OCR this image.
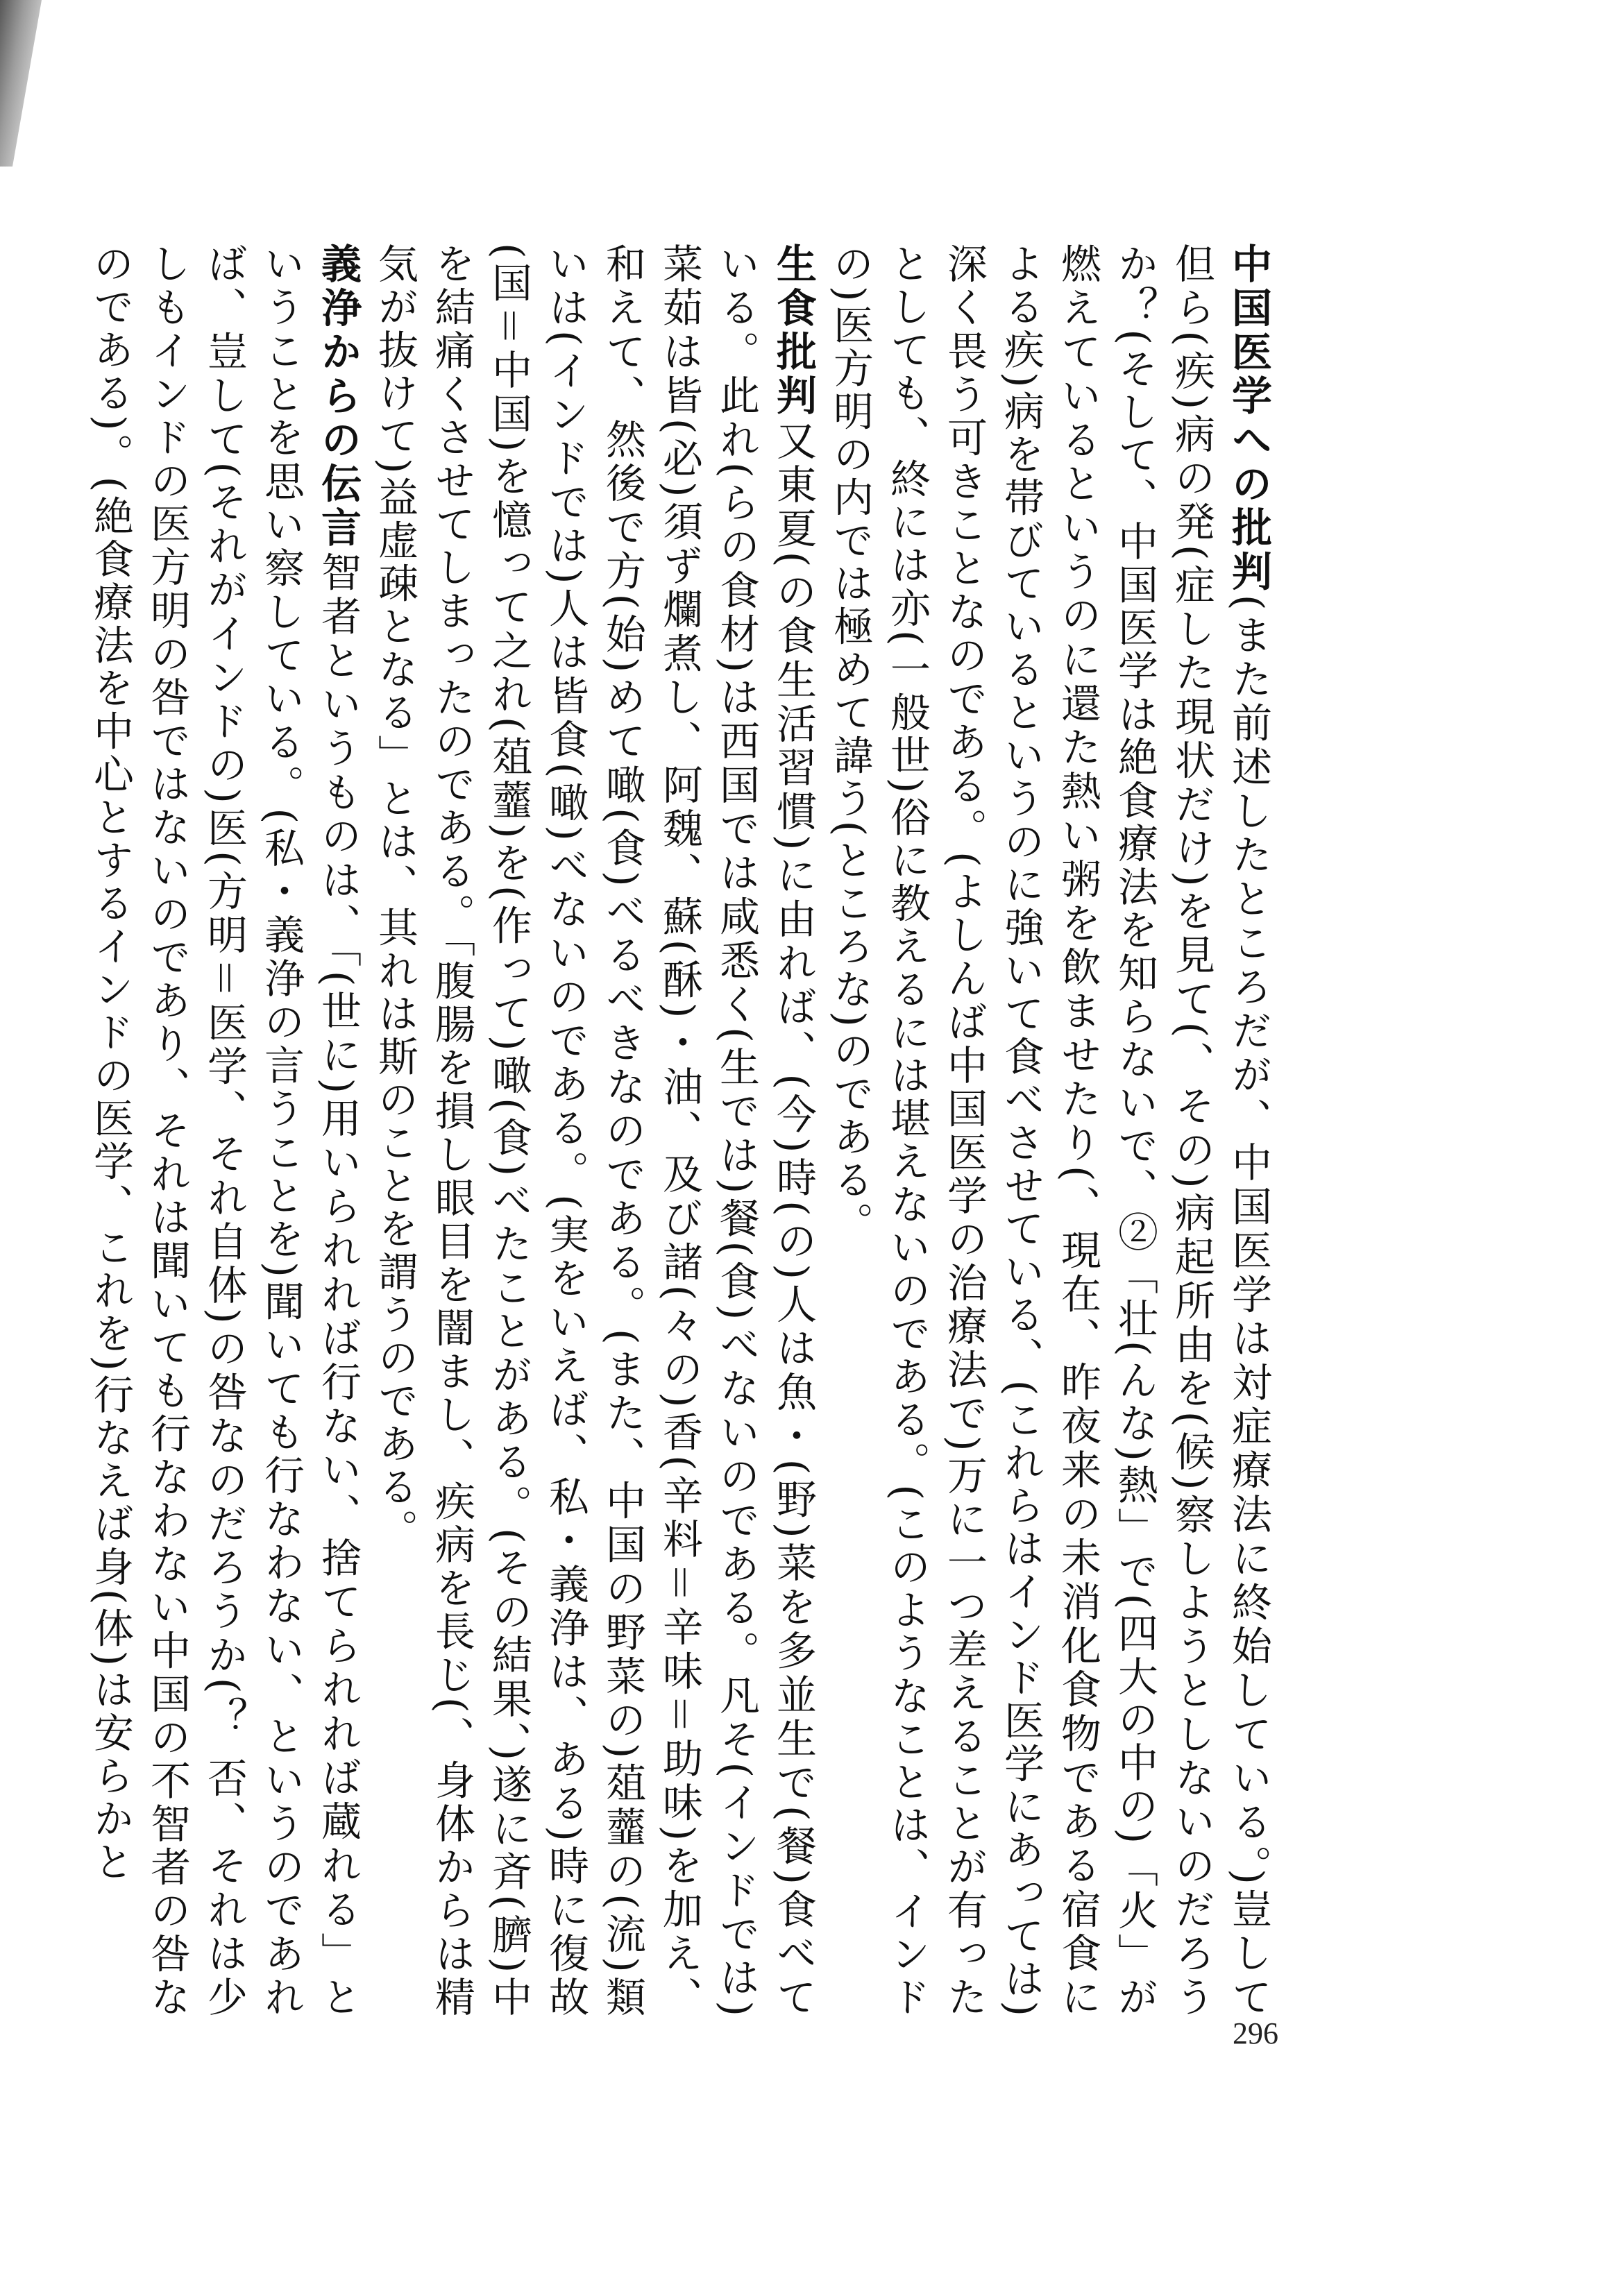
中国医学への批判(また前述したところだが、中国医学は対症療法に終始している。)豈して但ら(疾)病の発(症した現状だけ)を見て(、その)病起所由を(候)察しようとしないのだろうか？(そして、中国医学は絶食療法を知らないで、②「壮(んな)熱」で(四大の中の)「火」が燃えているというのに還た熱い粥を飲ませたり(、現在、昨夜来の未消化食物である宿食による疾)病を帯びているというのに強いて食べさせている、(これらはインド医学にあっては)深く畏う可きことなのである。(よしんば中国医学の治療法で)万に一つ差えることが有ったとしても、終には亦(一般世)俗に教えるには堪えないのである。(このようなことは、インドの)医方明の内では極めて諱う(ところな)のである。

生食批判又東夏(の食生活習慣)に由れば、(今)時(の)人は魚・(野)菜を多並生で(餐)食べている。此れ(らの食材)は西国では咸悉く(生では)餐(食)べないのである。凡そ(インドでは)菜茹は皆(必)須ず爛煮し、阿魏、蘇(酥)・油、及び諸(々の)香(辛料＝辛味＝助味)を加え、和えて、然後で方(始)めて噉(食)べるべきなのである。(また、中国の野菜の)葅虀の(流)類いは(インドでは)人は皆食(噉)べないのである。(実をいえば、私・義浄は、ある)時に復故(国＝中国)を憶って之れ(葅虀)を(作って)噉(食)べたことがある。(その結果、)遂に斉(臍)中を結痛くさせてしまったのである。「腹腸を損し眼目を闇まし、疾病を長じ(、身体からは精気が抜けて)益虚疎となる」とは、其れは斯のことを謂うのである。

義浄からの伝言智者というものは、「(世に)用いられれば行ない、捨てられれば蔵れる」ということを思い察している。(私・義浄の言うことを)聞いても行なわない、というのであれば、豈して(それがインドの)医(方明＝医学、それ自体)の咎なのだろうか(？ 否、それは少しもインドの医方明の咎ではないのであり、それは聞いても行なわない中国の不智者の咎なのである)。(絶食療法を中心とするインドの医学、これを)行なえば身(体)は安らかと

296
